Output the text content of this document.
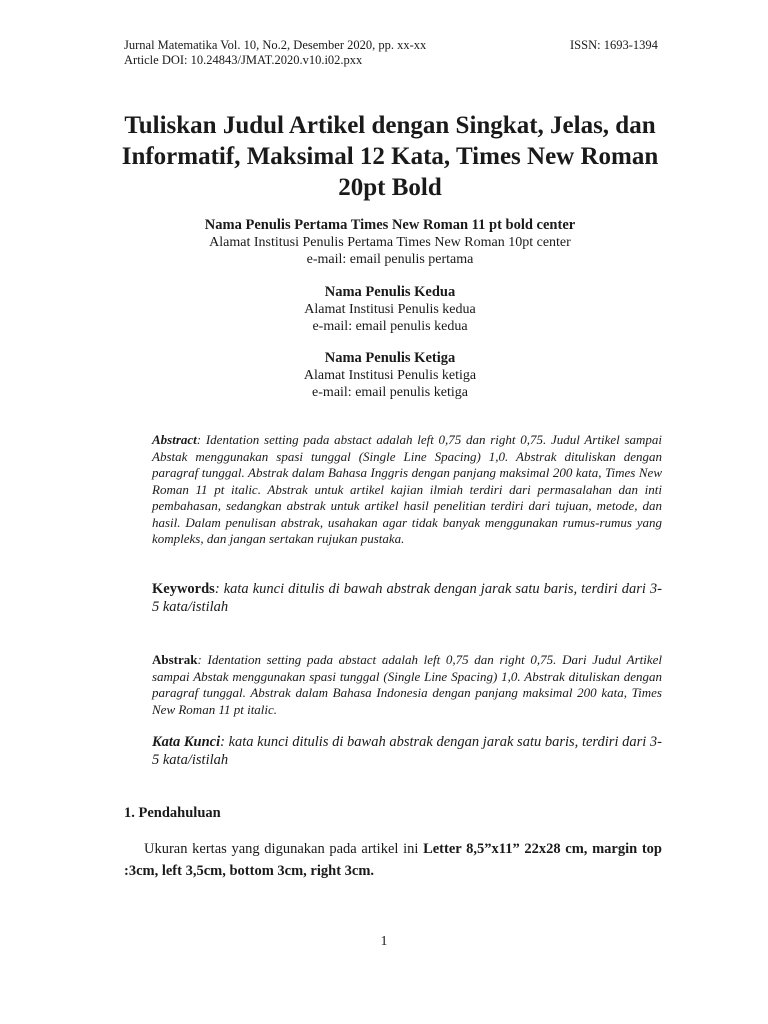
Jurnal Matematika Vol. 10, No.2, Desember 2020, pp. xx-xx
Article DOI: 10.24843/JMAT.2020.v10.i02.pxx
ISSN: 1693-1394
Tuliskan Judul Artikel dengan Singkat, Jelas, dan Informatif, Maksimal 12 Kata, Times New Roman 20pt Bold
Nama Penulis Pertama Times New Roman 11 pt bold center
Alamat Institusi Penulis Pertama Times New Roman 10pt center
e-mail: email penulis pertama
Nama Penulis Kedua
Alamat Institusi Penulis kedua
e-mail: email penulis kedua
Nama Penulis Ketiga
Alamat Institusi Penulis ketiga
e-mail: email penulis ketiga
Abstract: Identation setting pada abstact adalah left 0,75 dan right 0,75. Judul Artikel sampai Abstak menggunakan spasi tunggal (Single Line Spacing) 1,0. Abstrak dituliskan dengan paragraf tunggal. Abstrak dalam Bahasa Inggris dengan panjang maksimal 200 kata, Times New Roman 11 pt italic. Abstrak untuk artikel kajian ilmiah terdiri dari permasalahan dan inti pembahasan, sedangkan abstrak untuk artikel hasil penelitian terdiri dari tujuan, metode, dan hasil. Dalam penulisan abstrak, usahakan agar tidak banyak menggunakan rumus-rumus yang kompleks, dan jangan sertakan rujukan pustaka.
Keywords: kata kunci ditulis di bawah abstrak dengan jarak satu baris, terdiri dari 3-5 kata/istilah
Abstrak: Identation setting pada abstact adalah left 0,75 dan right 0,75. Dari Judul Artikel sampai Abstak menggunakan spasi tunggal (Single Line Spacing) 1,0. Abstrak dituliskan dengan paragraf tunggal. Abstrak dalam Bahasa Indonesia dengan panjang maksimal 200 kata, Times New Roman 11 pt italic.
Kata Kunci: kata kunci ditulis di bawah abstrak dengan jarak satu baris, terdiri dari 3-5 kata/istilah
1. Pendahuluan
Ukuran kertas yang digunakan pada artikel ini Letter 8,5”x11” 22x28 cm, margin top :3cm, left 3,5cm, bottom 3cm, right 3cm.
1
